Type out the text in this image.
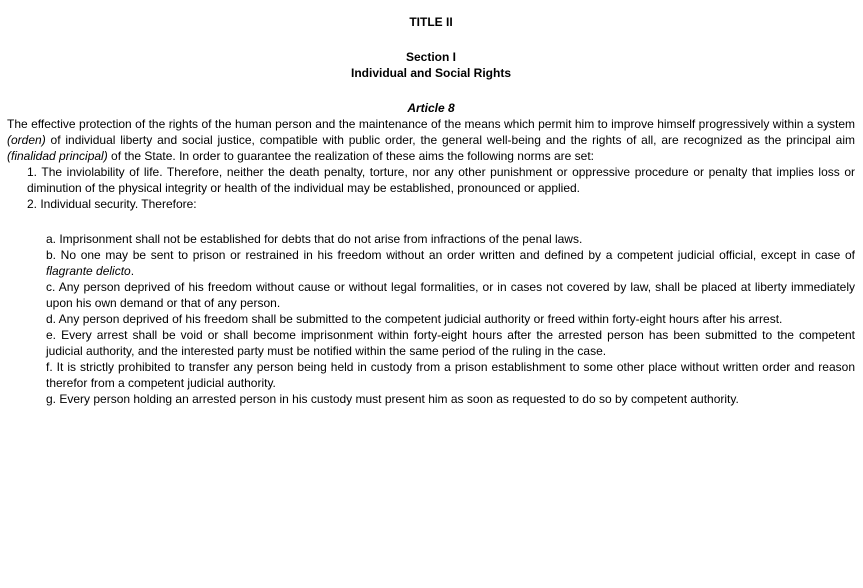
TITLE II
Section I
Individual and Social Rights
Article 8

The effective protection of the rights of the human person and the maintenance of the means which permit him to improve himself progressively within a system (orden) of individual liberty and social justice, compatible with public order, the general well-being and the rights of all, are recognized as the principal aim (finalidad principal) of the State. In order to guarantee the realization of these aims the following norms are set:

1. The inviolability of life. Therefore, neither the death penalty, torture, nor any other punishment or oppressive procedure or penalty that implies loss or diminution of the physical integrity or health of the individual may be established, pronounced or applied.

2. Individual security. Therefore:

a. Imprisonment shall not be established for debts that do not arise from infractions of the penal laws.

b. No one may be sent to prison or restrained in his freedom without an order written and defined by a competent judicial official, except in case of flagrante delicto.

c. Any person deprived of his freedom without cause or without legal formalities, or in cases not covered by law, shall be placed at liberty immediately upon his own demand or that of any person.

d. Any person deprived of his freedom shall be submitted to the competent judicial authority or freed within forty-eight hours after his arrest.

e. Every arrest shall be void or shall become imprisonment within forty-eight hours after the arrested person has been submitted to the competent judicial authority, and the interested party must be notified within the same period of the ruling in the case.

f. It is strictly prohibited to transfer any person being held in custody from a prison establishment to some other place without written order and reason therefor from a competent judicial authority.

g. Every person holding an arrested person in his custody must present him as soon as requested to do so by competent authority.
